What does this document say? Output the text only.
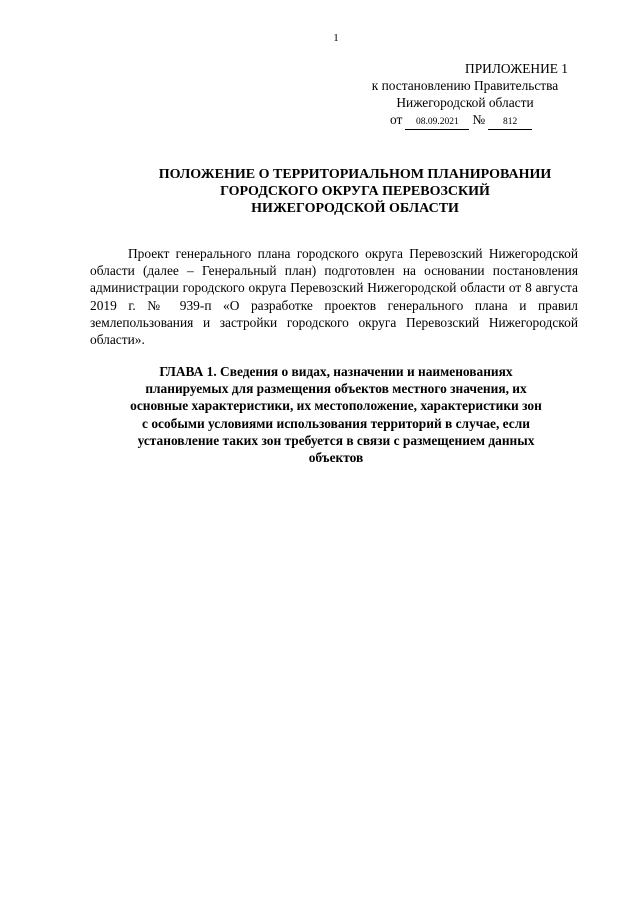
1
ПРИЛОЖЕНИЕ 1
к постановлению Правительства
Нижегородской области
от 08.09.2021 № 812
ПОЛОЖЕНИЕ О ТЕРРИТОРИАЛЬНОМ ПЛАНИРОВАНИИ
ГОРОДСКОГО ОКРУГА ПЕРЕВОЗСКИЙ
НИЖЕГОРОДСКОЙ ОБЛАСТИ

Проект генерального плана городского округа Перевозский Нижегородской области (далее – Генеральный план) подготовлен на основании постановления администрации городского округа Перевозский Нижегородской области от 8 августа 2019 г. № 939-п «О разработке проектов генерального плана и правил землепользования и застройки городского округа Перевозский Нижегородской области».

ГЛАВА 1. Сведения о видах, назначении и наименованиях
планируемых для размещения объектов местного значения, их
основные характеристики, их местоположение, характеристики зон
с особыми условиями использования территорий в случае, если
установление таких зон требуется в связи с размещением данных
объектов
